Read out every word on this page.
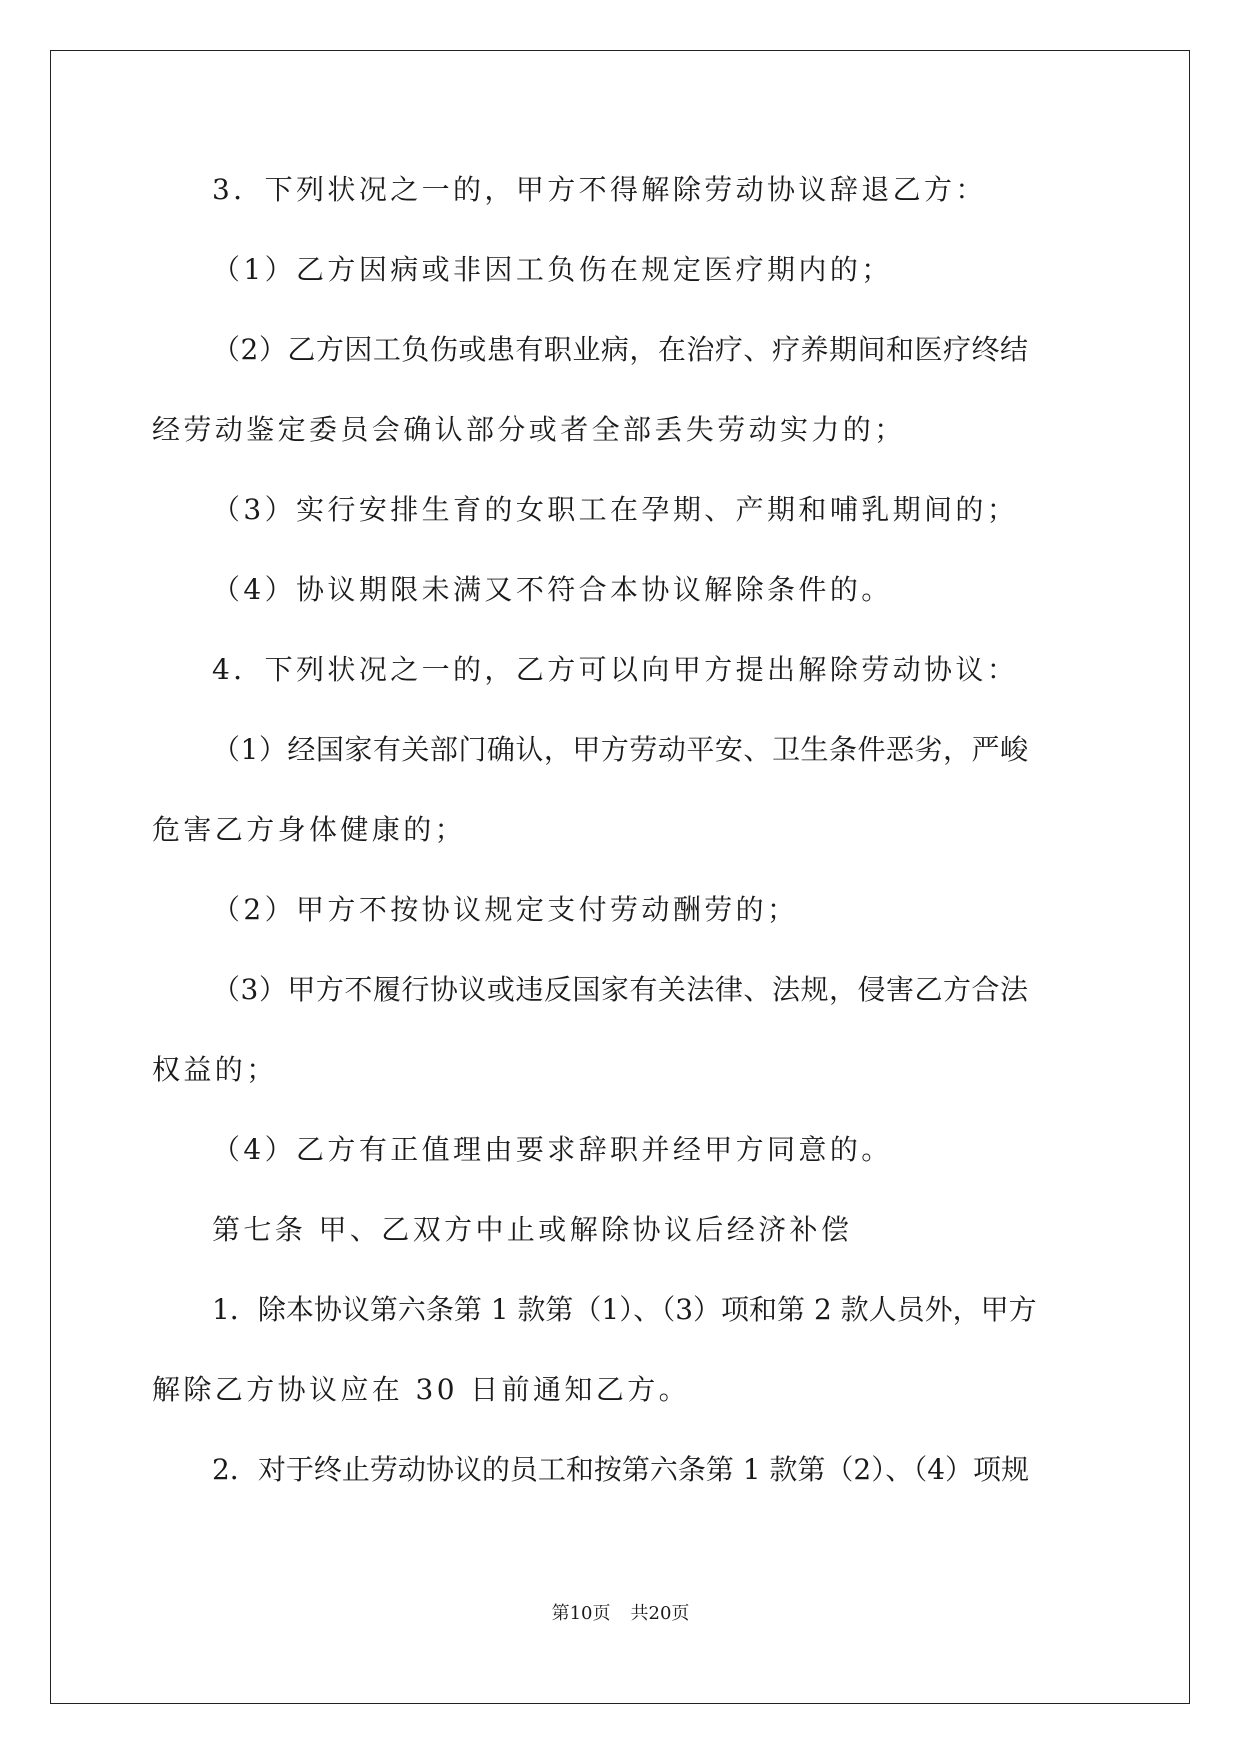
3．下列状况之一的，甲方不得解除劳动协议辞退乙方：
（1）乙方因病或非因工负伤在规定医疗期内的；
（2）乙方因工负伤或患有职业病，在治疗、疗养期间和医疗终结
经劳动鉴定委员会确认部分或者全部丢失劳动实力的；
（3）实行安排生育的女职工在孕期、产期和哺乳期间的；
（4）协议期限未满又不符合本协议解除条件的。
4．下列状况之一的，乙方可以向甲方提出解除劳动协议：
（1）经国家有关部门确认，甲方劳动平安、卫生条件恶劣，严峻
危害乙方身体健康的；
（2）甲方不按协议规定支付劳动酬劳的；
（3）甲方不履行协议或违反国家有关法律、法规，侵害乙方合法
权益的；
（4）乙方有正值理由要求辞职并经甲方同意的。
第七条 甲、乙双方中止或解除协议后经济补偿
1．除本协议第六条第 1 款第（1）、（3）项和第 2 款人员外，甲方
解除乙方协议应在 30 日前通知乙方。
2．对于终止劳动协议的员工和按第六条第 1 款第（2）、（4）项规
第10页 共20页
